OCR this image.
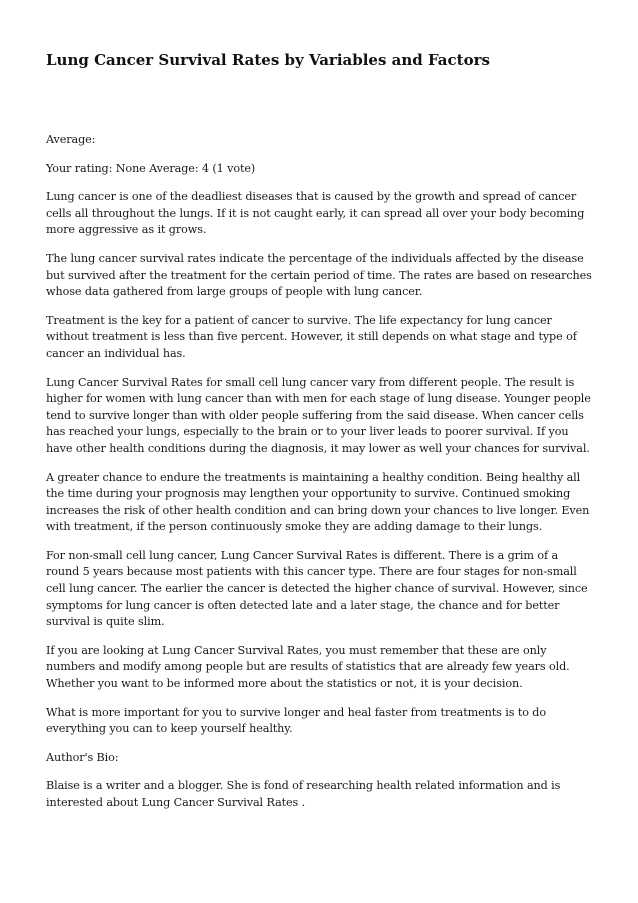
Lung Cancer Survival Rates by Variables and Factors

Average:

Your rating: None Average: 4 (1 vote)

Lung cancer is one of the deadliest diseases that is caused by the growth and spread of cancer cells all throughout the lungs. If it is not caught early, it can spread all over your body becoming more aggressive as it grows.

The lung cancer survival rates indicate the percentage of the individuals affected by the disease but survived after the treatment for the certain period of time. The rates are based on researches whose data gathered from large groups of people with lung cancer.

Treatment is the key for a patient of cancer to survive. The life expectancy for lung cancer without treatment is less than five percent. However, it still depends on what stage and type of cancer an individual has.

Lung Cancer Survival Rates for small cell lung cancer vary from different people. The result is higher for women with lung cancer than with men for each stage of lung disease. Younger people tend to survive longer than with older people suffering from the said disease. When cancer cells has reached your lungs, especially to the brain or to your liver leads to poorer survival. If you have other health conditions during the diagnosis, it may lower as well your chances for survival.

A greater chance to endure the treatments is maintaining a healthy condition. Being healthy all the time during your prognosis may lengthen your opportunity to survive. Continued smoking increases the risk of other health condition and can bring down your chances to live longer. Even with treatment, if the person continuously smoke they are adding damage to their lungs.

For non-small cell lung cancer, Lung Cancer Survival Rates is different. There is a grim of a round 5 years because most patients with this cancer type. There are four stages for non-small cell lung cancer. The earlier the cancer is detected the higher chance of survival. However, since symptoms for lung cancer is often detected late and a later stage, the chance and for better survival is quite slim.

If you are looking at Lung Cancer Survival Rates, you must remember that these are only numbers and modify among people but are results of statistics that are already few years old. Whether you want to be informed more about the statistics or not, it is your decision.

What is more important for you to survive longer and heal faster from treatments is to do everything you can to keep yourself healthy.

Author's Bio:

Blaise is a writer and a blogger. She is fond of researching health related information and is interested about Lung Cancer Survival Rates .
